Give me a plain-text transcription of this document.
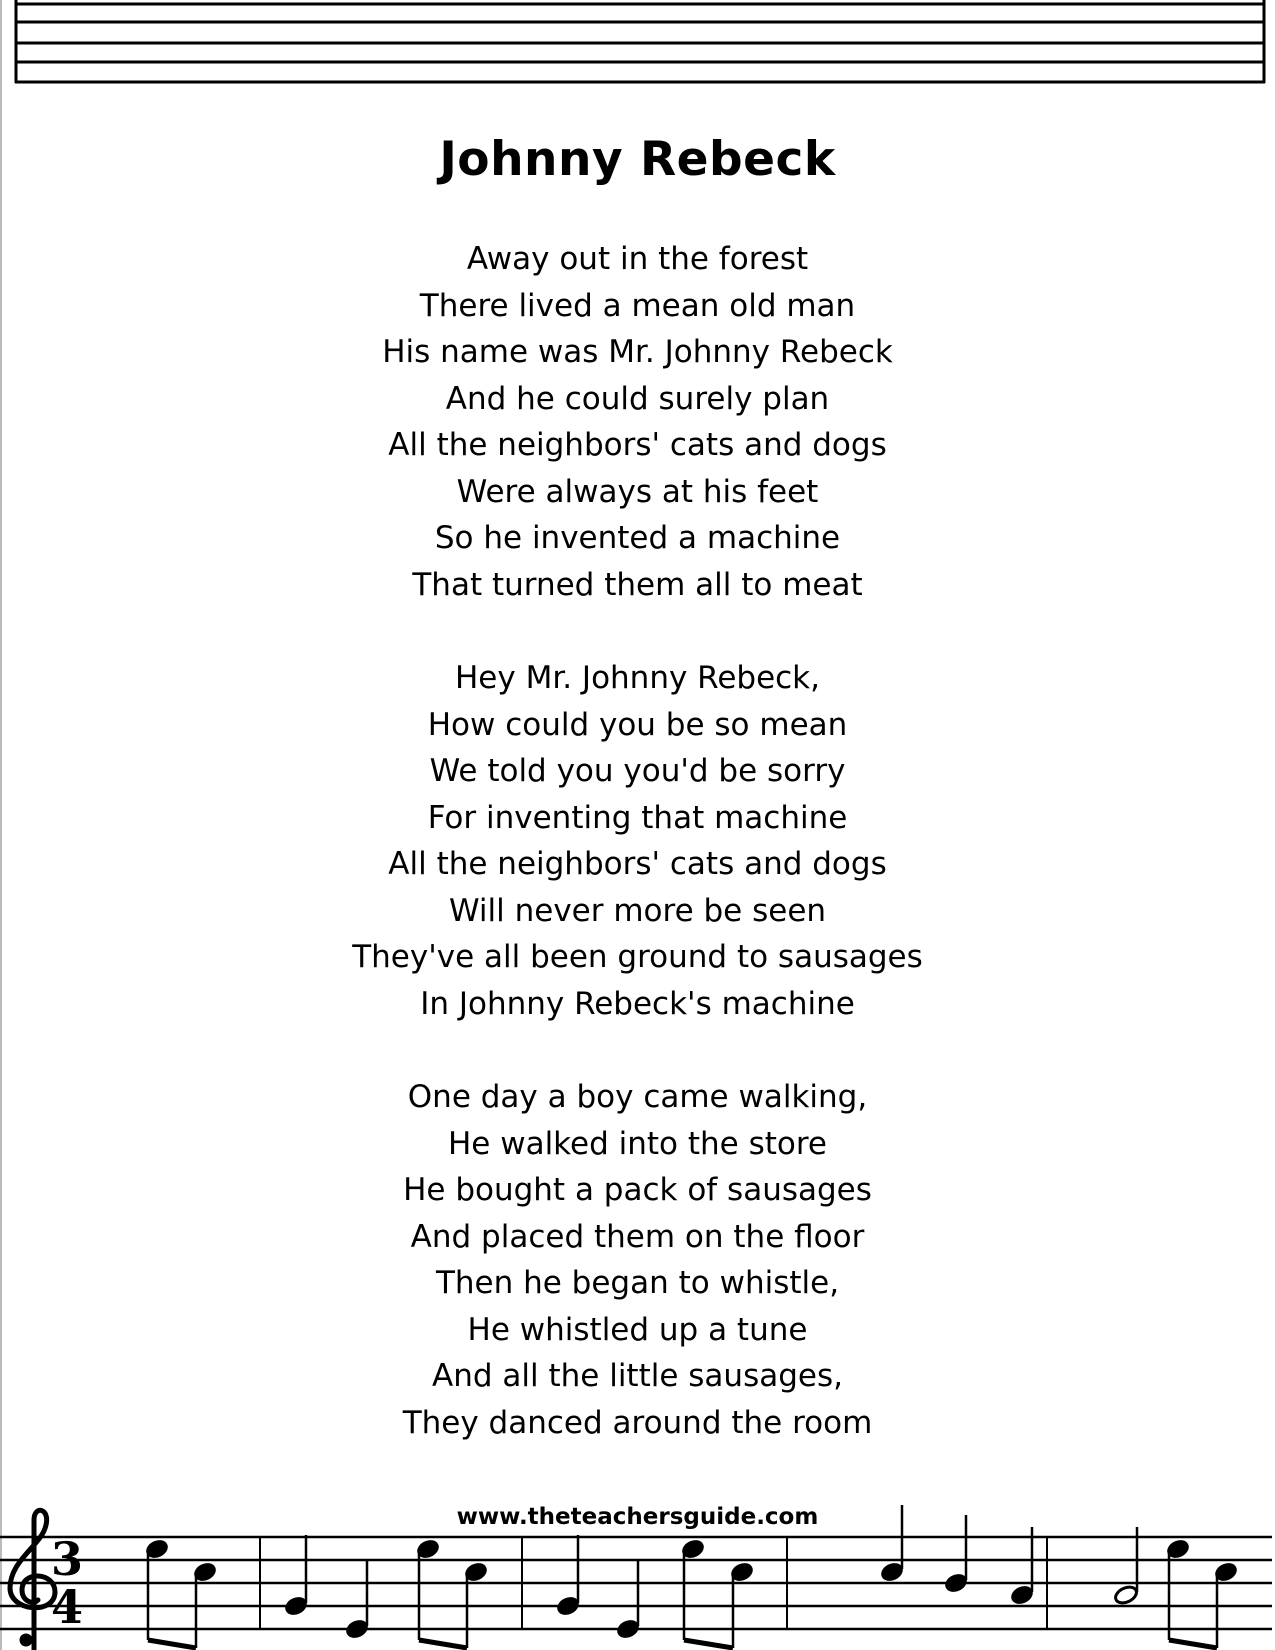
Johnny Rebeck
Away out in the forest
There lived a mean old man
His name was Mr. Johnny Rebeck
And he could surely plan
All the neighbors' cats and dogs
Were always at his feet
So he invented a machine
That turned them all to meat
Hey Mr. Johnny Rebeck,
How could you be so mean
We told you you'd be sorry
For inventing that machine
All the neighbors' cats and dogs
Will never more be seen
They've all been ground to sausages
In Johnny Rebeck's machine
One day a boy came walking,
He walked into the store
He bought a pack of sausages
And placed them on the floor
Then he began to whistle,
He whistled up a tune
And all the little sausages,
They danced around the room
www.theteachersguide.com
3
4
